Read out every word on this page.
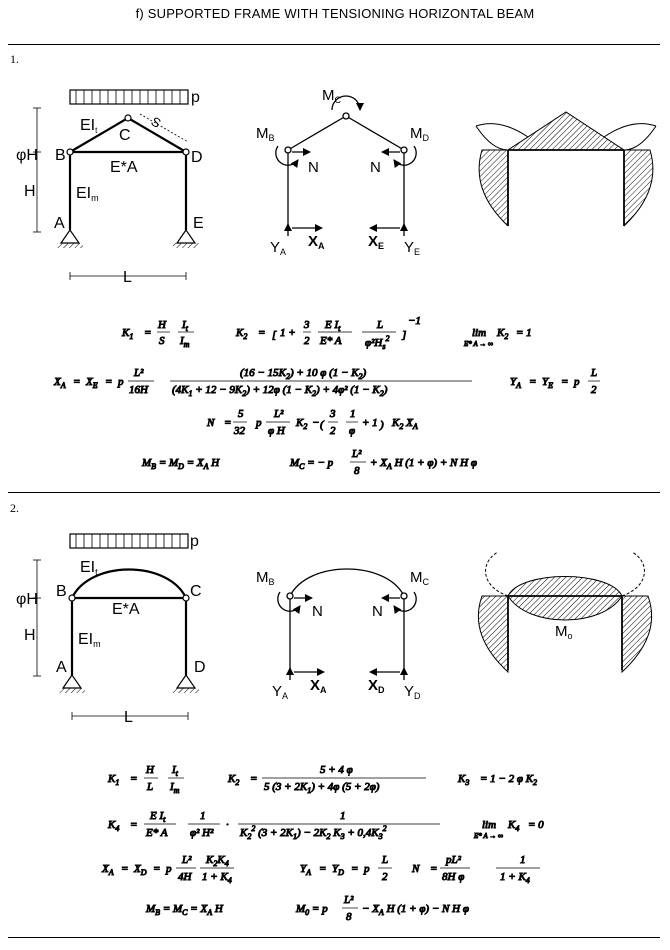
f) SUPPORTED FRAME WITH TENSIONING HORIZONTAL BEAM
1.
2.
p
EIt C
S
φH B	D
E*A
H	EIm
A	E
L
$M_C$
$M_B$	$M_D$
N	N
$Y_A$
$X_A$	$X_E$ $Y_E$
$K_1$ =
H
S
$I_t$
$I_m$
$K_2$ = [ 1 +
3
2
E $I_t$
E* A
L
$\varphi^2H_s^2$ ]
−1
lim
E* A → ∞
$K_2 = 1$
$X_A = X_E = p$
L²
16H
$(16 - 15K_2) + 10$ φ $(1 - K_2)$
$(4K_1 + 12 - 9K_2) + 12\varphi$ $(1 - K_2) + 4\varphi^2$ $(1 - K_2)$
$Y_A = Y_E = p$
L
2
N =
5
32
p
L²
φ H
$K_2$ − (
3
2
1
φ
+ 1 ) $K_2$ $X_A$
$M_B = M_D = X_A$ H	$M_C$ = − p
L²
8
+ $X_A$ H (1 + φ) + N H φ
p
EIt
φH B	C
E*A
H	EIm
A	D
L
$M_B$	$M_C$
N	N
$Y_A$
$X_A$	$X_D$ $Y_D$
$M_o$
$K_1$ =
H
L
$I_t$
$I_m$
$K_2$ =
5 + 4 φ
5 $(3 + 2K_1) + 4\varphi$ (5 + 2φ)
$K_3 = 1 - 2$ φ $K_2$
$K_4$ =
E $I_t$
E* A
1
φ² H²
·
1
$K_2^2$ $(3 + 2K_1) - 2K_2$ $K_3 + 0,4K_3^2$	lim
E* A → ∞
$K_4 = 0$
$X_A = X_D = p$
L²
4H
$K_2K_4$
$1 + K_4$
$Y_A = Y_D = p$
L
2
N =
pL²
8H φ
1
$1 + K_4$
$M_B = M_C = X_A$ H	$M_0 = p$
L²
8
− $X_A$ H (1 + φ) − N H φ
